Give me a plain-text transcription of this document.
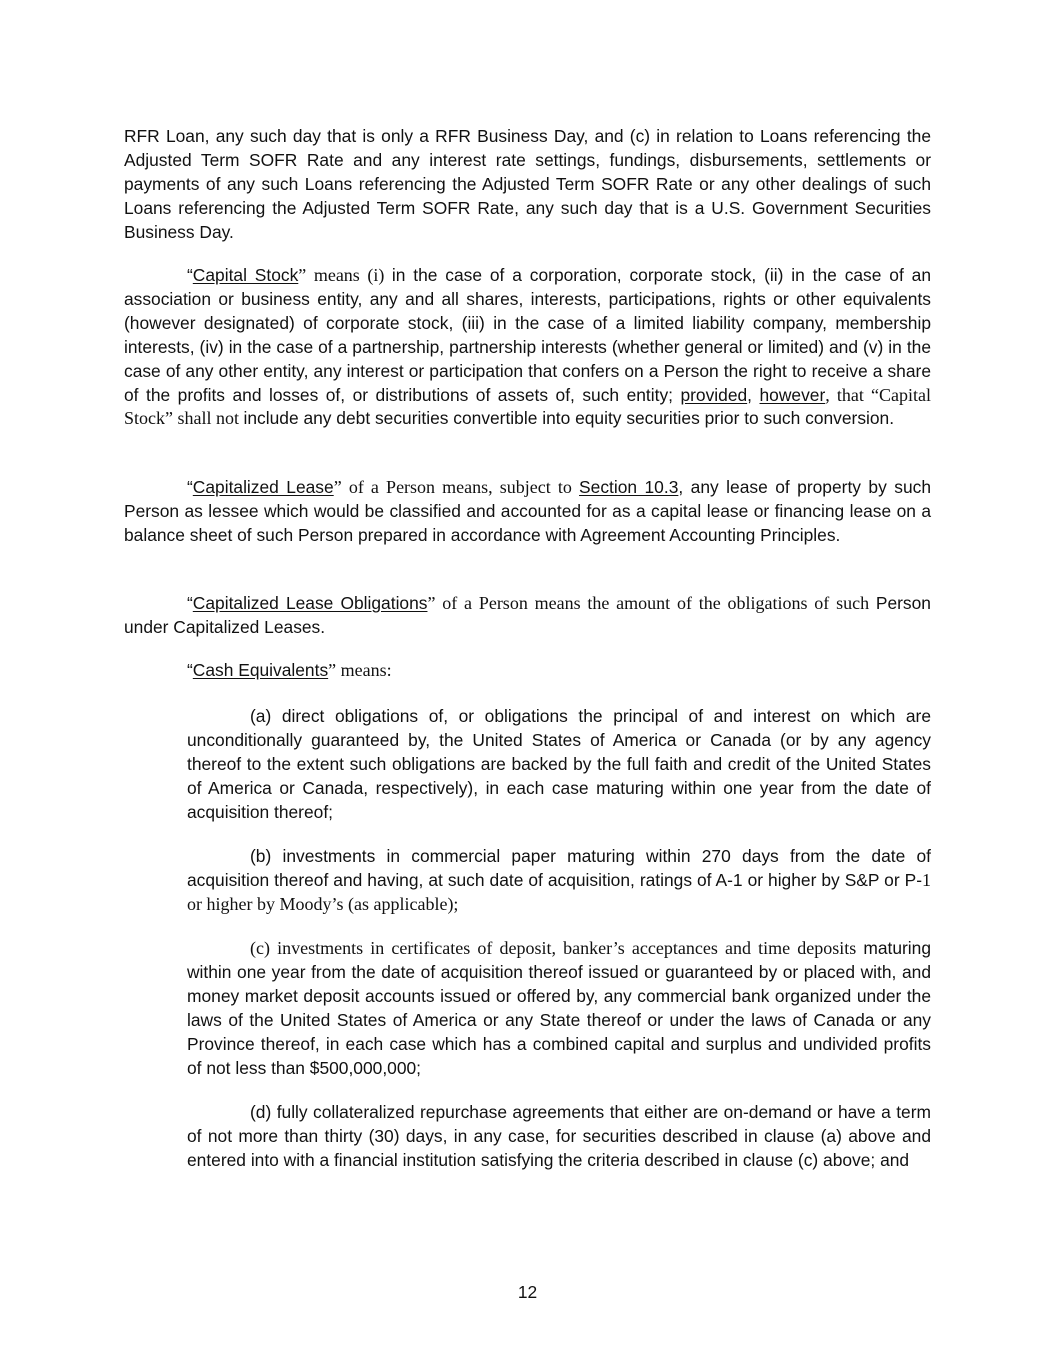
RFR Loan, any such day that is only a RFR Business Day, and (c) in relation to Loans referencing the Adjusted Term SOFR Rate and any interest rate settings, fundings, disbursements, settlements or payments of any such Loans referencing the Adjusted Term SOFR Rate or any other dealings of such Loans referencing the Adjusted Term SOFR Rate, any such day that is a U.S. Government Securities Business Day.

“Capital Stock” means (i) in the case of a corporation, corporate stock, (ii) in the case of an association or business entity, any and all shares, interests, participations, rights or other equivalents (however designated) of corporate stock, (iii) in the case of a limited liability company, membership interests, (iv) in the case of a partnership, partnership interests (whether general or limited) and (v) in the case of any other entity, any interest or participation that confers on a Person the right to receive a share of the profits and losses of, or distributions of assets of, such entity; provided, however, that “Capital Stock” shall not include any debt securities convertible into equity securities prior to such conversion.

“Capitalized Lease” of a Person means, subject to Section 10.3, any lease of property by such Person as lessee which would be classified and accounted for as a capital lease or financing lease on a balance sheet of such Person prepared in accordance with Agreement Accounting Principles.

“Capitalized Lease Obligations” of a Person means the amount of the obligations of such Person under Capitalized Leases.

“Cash Equivalents” means:

(a) direct obligations of, or obligations the principal of and interest on which are unconditionally guaranteed by, the United States of America or Canada (or by any agency thereof to the extent such obligations are backed by the full faith and credit of the United States of America or Canada, respectively), in each case maturing within one year from the date of acquisition thereof;

(b) investments in commercial paper maturing within 270 days from the date of acquisition thereof and having, at such date of acquisition, ratings of A-1 or higher by S&P or P-1 or higher by Moody’s (as applicable);

(c) investments in certificates of deposit, banker’s acceptances and time deposits maturing within one year from the date of acquisition thereof issued or guaranteed by or placed with, and money market deposit accounts issued or offered by, any commercial bank organized under the laws of the United States of America or any State thereof or under the laws of Canada or any Province thereof, in each case which has a combined capital and surplus and undivided profits of not less than $500,000,000;

(d) fully collateralized repurchase agreements that either are on-demand or have a term of not more than thirty (30) days, in any case, for securities described in clause (a) above and entered into with a financial institution satisfying the criteria described in clause (c) above; and

12
